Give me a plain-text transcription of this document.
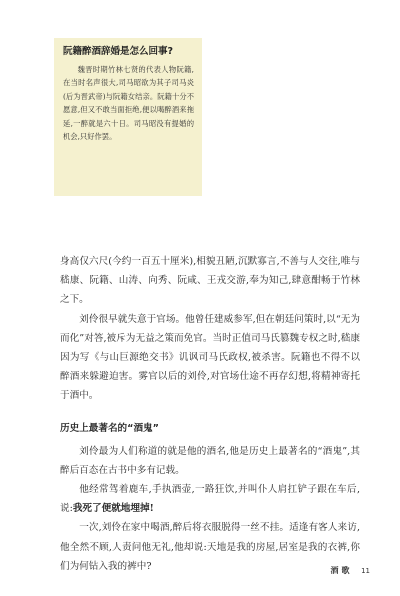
阮籍醉酒辞婚是怎么回事?

魏晋时期竹林七贤的代表人物阮籍,在当时名声很大,司马昭欲为其子司马炎(后为晋武帝)与阮籍女结亲。阮籍十分不愿意,但又不敢当面拒绝,便以喝醉酒来拖延,一醉就是六十日。司马昭没有提婚的机会,只好作罢。

身高仅六尺(今约一百五十厘米),相貌丑陋,沉默寡言,不善与人交往,唯与嵇康、阮籍、山涛、向秀、阮咸、王戎交游,奉为知己,肆意酣畅于竹林之下。

刘伶很早就失意于官场。他曾任建威参军,但在朝廷问策时,以“无为而化”对答,被斥为无益之策而免官。当时正值司马氏篡魏专权之时,嵇康因为写《与山巨源绝交书》讥讽司马氏政权,被杀害。阮籍也不得不以醉酒来躲避迫害。雾官以后的刘伶,对官场仕途不再存幻想,将精神寄托于酒中。

历史上最著名的“酒鬼”

刘伶最为人们称道的就是他的酒名,他是历史上最著名的“酒鬼”,其醉后百态在古书中多有记载。

他经常驾着鹿车,手执酒壶,一路狂饮,并叫仆人肩扛铲子跟在车后,说:我死了便就地埋掉!

一次,刘伶在家中喝酒,醉后将衣服脱得一丝不挂。适逢有客人来访,他全然不顾,人责问他无礼,他却说:天地是我的房屋,居室是我的衣裤,你们为何钻入我的裤中?	酒歌 11
